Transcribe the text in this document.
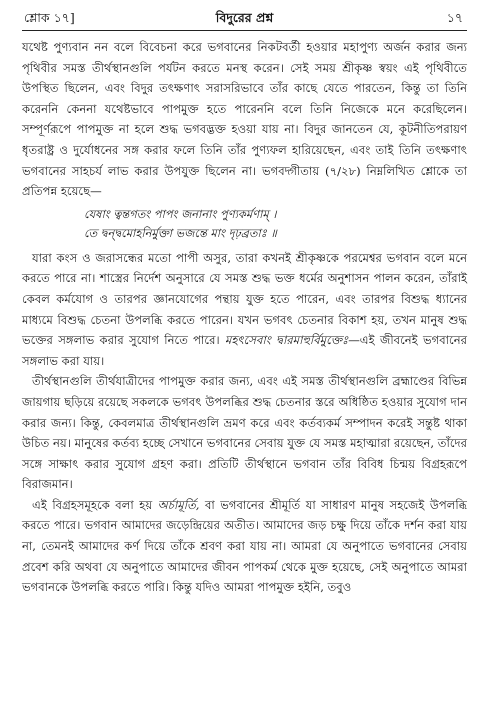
শ্লোক ১৭]	বিদুরের প্রশ্ন	১৭

যথেষ্ট পুণ্যবান নন বলে বিবেচনা করে ভগবানের নিকটবর্তী হওয়ার মহাপুণ্য অর্জন করার জন্য পৃথিবীর সমস্ত তীর্থস্থানগুলি পর্যটন করতে মনস্থ করেন। সেই সময় শ্রীকৃষ্ণ স্বয়ং এই পৃথিবীতে উপস্থিত ছিলেন, এবং বিদুর তৎক্ষণাৎ সরাসরিভাবে তাঁর কাছে যেতে পারতেন, কিন্তু তা তিনি করেননি কেননা যথেষ্টভাবে পাপমুক্ত হতে পারেননি বলে তিনি নিজেকে মনে করেছিলেন। সম্পূর্ণরূপে পাপমুক্ত না হলে শুদ্ধ ভগবদ্ভক্ত হওয়া যায় না। বিদুর জানতেন যে, কূটনীতিপরায়ণ ধৃতরাষ্ট্র ও দুর্যোধনের সঙ্গ করার ফলে তিনি তাঁর পুণ্যফল হারিয়েছেন, এবং তাই তিনি তৎক্ষণাৎ ভগবানের সাহচর্য লাভ করার উপযুক্ত ছিলেন না। ভগবদ্গীতায় (৭/২৮) নিম্নলিখিত শ্লোকে তা প্রতিপন্ন হয়েছে—

যেষাং ত্বন্তগতং পাপং জনানাং পুণ্যকর্মণাম্ ।
তে দ্বন্দ্বমোহনির্মুক্তা ভজন্তে মাং দৃঢ়ব্রতাঃ ॥

যারা কংস ও জরাসন্ধের মতো পাপী অসুর, তারা কখনই শ্রীকৃষ্ণকে পরমেশ্বর ভগবান বলে মনে করতে পারে না। শাস্ত্রের নির্দেশ অনুসারে যে সমস্ত শুদ্ধ ভক্ত ধর্মের অনুশাসন পালন করেন, তাঁরাই কেবল কর্মযোগ ও তারপর জ্ঞানযোগের পন্থায় যুক্ত হতে পারেন, এবং তারপর বিশুদ্ধ ধ্যানের মাধ্যমে বিশুদ্ধ চেতনা উপলব্ধি করতে পারেন। যখন ভগবৎ চেতনার বিকাশ হয়, তখন মানুষ শুদ্ধ ভক্তের সঙ্গলাভ করার সুযোগ নিতে পারে। মহৎসেবাং দ্বারমাহুর্বিমুক্তেঃ—এই জীবনেই ভগবানের সঙ্গলাভ করা যায়।

তীর্থস্থানগুলি তীর্থযাত্রীদের পাপমুক্ত করার জন্য, এবং এই সমস্ত তীর্থস্থানগুলি ব্রহ্মাণ্ডের বিভিন্ন জায়গায় ছড়িয়ে রয়েছে সকলকে ভগবৎ উপলব্ধির শুদ্ধ চেতনার স্তরে অধিষ্ঠিত হওয়ার সুযোগ দান করার জন্য। কিন্তু, কেবলমাত্র তীর্থস্থানগুলি ভ্রমণ করে এবং কর্তব্যকর্ম সম্পাদন করেই সন্তুষ্ট থাকা উচিত নয়। মানুষের কর্তব্য হচ্ছে সেখানে ভগবানের সেবায় যুক্ত যে সমস্ত মহাত্মারা রয়েছেন, তাঁদের সঙ্গে সাক্ষাৎ করার সুযোগ গ্রহণ করা। প্রতিটি তীর্থস্থানে ভগবান তাঁর বিবিধ চিন্ময় বিগ্রহরূপে বিরাজমান।

এই বিগ্রহসমূহকে বলা হয় অর্চামূর্তি, বা ভগবানের শ্রীমূর্তি যা সাধারণ মানুষ সহজেই উপলব্ধি করতে পারে। ভগবান আমাদের জড়েন্দ্রিয়ের অতীত। আমাদের জড় চক্ষু দিয়ে তাঁকে দর্শন করা যায় না, তেমনই আমাদের কর্ণ দিয়ে তাঁকে শ্রবণ করা যায় না। আমরা যে অনুপাতে ভগবানের সেবায় প্রবেশ করি অথবা যে অনুপাতে আমাদের জীবন পাপকর্ম থেকে মুক্ত হয়েছে, সেই অনুপাতে আমরা ভগবানকে উপলব্ধি করতে পারি। কিন্তু যদিও আমরা পাপমুক্ত হইনি, তবুও
